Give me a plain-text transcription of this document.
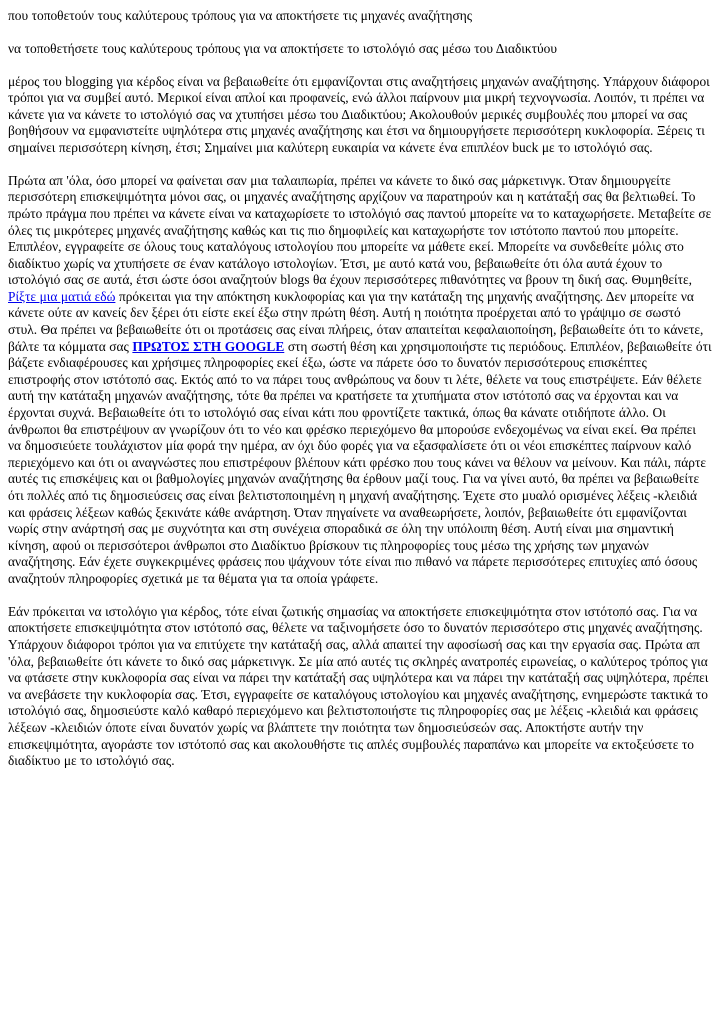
που τοποθετούν τους καλύτερους τρόπους για να αποκτήσετε τις μηχανές αναζήτησης

να τοποθετήσετε τους καλύτερους τρόπους για να αποκτήσετε το ιστολόγιό σας μέσω του Διαδικτύου

μέρος του blogging για κέρδος είναι να βεβαιωθείτε ότι εμφανίζονται στις αναζητήσεις μηχανών αναζήτησης. Υπάρχουν διάφοροι τρόποι για να συμβεί αυτό. Μερικοί είναι απλοί και προφανείς, ενώ άλλοι παίρνουν μια μικρή τεχνογνωσία. Λοιπόν, τι πρέπει να κάνετε για να κάνετε το ιστολόγιό σας να χτυπήσει μέσω του Διαδικτύου; Ακολουθούν μερικές συμβουλές που μπορεί να σας βοηθήσουν να εμφανιστείτε υψηλότερα στις μηχανές αναζήτησης και έτσι να δημιουργήσετε περισσότερη κυκλοφορία. Ξέρεις τι σημαίνει περισσότερη κίνηση, έτσι; Σημαίνει μια καλύτερη ευκαιρία να κάνετε ένα επιπλέον buck με το ιστολόγιό σας.

Πρώτα απ 'όλα, όσο μπορεί να φαίνεται σαν μια ταλαιπωρία, πρέπει να κάνετε το δικό σας μάρκετινγκ. Όταν δημιουργείτε περισσότερη επισκεψιμότητα μόνοι σας, οι μηχανές αναζήτησης αρχίζουν να παρατηρούν και η κατάταξή σας θα βελτιωθεί. Το πρώτο πράγμα που πρέπει να κάνετε είναι να καταχωρίσετε το ιστολόγιό σας παντού μπορείτε να το καταχωρήσετε. Μεταβείτε σε όλες τις μικρότερες μηχανές αναζήτησης καθώς και τις πιο δημοφιλείς και καταχωρήστε τον ιστότοπο παντού που μπορείτε. Επιπλέον, εγγραφείτε σε όλους τους καταλόγους ιστολογίου που μπορείτε να μάθετε εκεί. Μπορείτε να συνδεθείτε μόλις στο διαδίκτυο χωρίς να χτυπήσετε σε έναν κατάλογο ιστολογίων. Έτσι, με αυτό κατά νου, βεβαιωθείτε ότι όλα αυτά έχουν το ιστολόγιό σας σε αυτά, έτσι ώστε όσοι αναζητούν blogs θα έχουν περισσότερες πιθανότητες να βρουν τη δική σας. Θυμηθείτε, Ρίξτε μια ματιά εδώ πρόκειται για την απόκτηση κυκλοφορίας και για την κατάταξη της μηχανής αναζήτησης. Δεν μπορείτε να κάνετε ούτε αν κανείς δεν ξέρει ότι είστε εκεί έξω στην πρώτη θέση. Αυτή η ποιότητα προέρχεται από το γράψιμο σε σωστό στυλ. Θα πρέπει να βεβαιωθείτε ότι οι προτάσεις σας είναι πλήρεις, όταν απαιτείται κεφαλαιοποίηση, βεβαιωθείτε ότι το κάνετε, βάλτε τα κόμματα σας ΠΡΩΤΟΣ ΣΤΗ GOOGLE στη σωστή θέση και χρησιμοποιήστε τις περιόδους. Επιπλέον, βεβαιωθείτε ότι βάζετε ενδιαφέρουσες και χρήσιμες πληροφορίες εκεί έξω, ώστε να πάρετε όσο το δυνατόν περισσότερους επισκέπτες επιστροφής στον ιστότοπό σας. Εκτός από το να πάρει τους ανθρώπους να δουν τι λέτε, θέλετε να τους επιστρέψετε. Εάν θέλετε αυτή την κατάταξη μηχανών αναζήτησης, τότε θα πρέπει να κρατήσετε τα χτυπήματα στον ιστότοπό σας να έρχονται και να έρχονται συχνά. Βεβαιωθείτε ότι το ιστολόγιό σας είναι κάτι που φροντίζετε τακτικά, όπως θα κάνατε οτιδήποτε άλλο. Οι άνθρωποι θα επιστρέψουν αν γνωρίζουν ότι το νέο και φρέσκο περιεχόμενο θα μπορούσε ενδεχομένως να είναι εκεί. Θα πρέπει να δημοσιεύετε τουλάχιστον μία φορά την ημέρα, αν όχι δύο φορές για να εξασφαλίσετε ότι οι νέοι επισκέπτες παίρνουν καλό περιεχόμενο και ότι οι αναγνώστες που επιστρέφουν βλέπουν κάτι φρέσκο που τους κάνει να θέλουν να μείνουν. Και πάλι, πάρτε αυτές τις επισκέψεις και οι βαθμολογίες μηχανών αναζήτησης θα έρθουν μαζί τους. Για να γίνει αυτό, θα πρέπει να βεβαιωθείτε ότι πολλές από τις δημοσιεύσεις σας είναι βελτιστοποιημένη η μηχανή αναζήτησης. Έχετε στο μυαλό ορισμένες λέξεις -κλειδιά και φράσεις λέξεων καθώς ξεκινάτε κάθε ανάρτηση. Όταν πηγαίνετε να αναθεωρήσετε, λοιπόν, βεβαιωθείτε ότι εμφανίζονται νωρίς στην ανάρτησή σας με συχνότητα και στη συνέχεια σποραδικά σε όλη την υπόλοιπη θέση. Αυτή είναι μια σημαντική κίνηση, αφού οι περισσότεροι άνθρωποι στο Διαδίκτυο βρίσκουν τις πληροφορίες τους μέσω της χρήσης των μηχανών αναζήτησης. Εάν έχετε συγκεκριμένες φράσεις που ψάχνουν τότε είναι πιο πιθανό να πάρετε περισσότερες επιτυχίες από όσους αναζητούν πληροφορίες σχετικά με τα θέματα για τα οποία γράφετε.

Εάν πρόκειται να ιστολόγιο για κέρδος, τότε είναι ζωτικής σημασίας να αποκτήσετε επισκεψιμότητα στον ιστότοπό σας. Για να αποκτήσετε επισκεψιμότητα στον ιστότοπό σας, θέλετε να ταξινομήσετε όσο το δυνατόν περισσότερο στις μηχανές αναζήτησης. Υπάρχουν διάφοροι τρόποι για να επιτύχετε την κατάταξή σας, αλλά απαιτεί την αφοσίωσή σας και την εργασία σας. Πρώτα απ 'όλα, βεβαιωθείτε ότι κάνετε το δικό σας μάρκετινγκ. Σε μία από αυτές τις σκληρές ανατροπές ειρωνείας, ο καλύτερος τρόπος για να φτάσετε στην κυκλοφορία σας είναι να πάρει την κατάταξή σας υψηλότερα και να πάρει την κατάταξή σας υψηλότερα, πρέπει να ανεβάσετε την κυκλοφορία σας. Έτσι, εγγραφείτε σε καταλόγους ιστολογίου και μηχανές αναζήτησης, ενημερώστε τακτικά το ιστολόγιό σας, δημοσιεύστε καλό καθαρό περιεχόμενο και βελτιστοποιήστε τις πληροφορίες σας με λέξεις -κλειδιά και φράσεις λέξεων -κλειδιών όποτε είναι δυνατόν χωρίς να βλάπτετε την ποιότητα των δημοσιεύσεών σας. Αποκτήστε αυτήν την επισκεψιμότητα, αγοράστε τον ιστότοπό σας και ακολουθήστε τις απλές συμβουλές παραπάνω και μπορείτε να εκτοξεύσετε το διαδίκτυο με το ιστολόγιό σας.
